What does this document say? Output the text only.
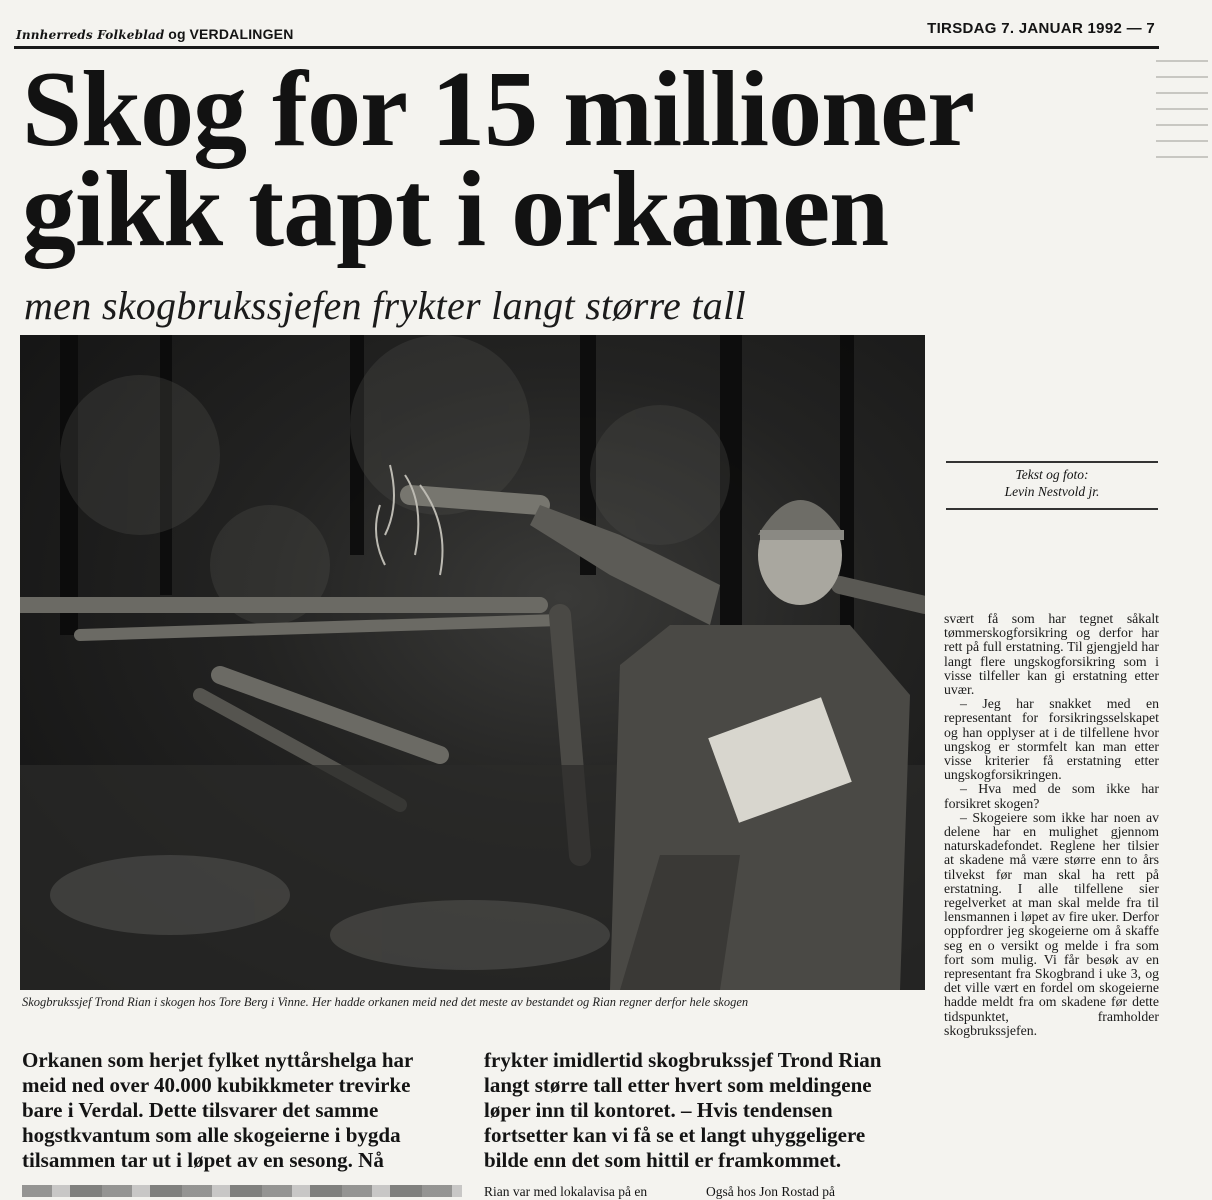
Innherreds Folkeblad og VERDALINGEN	TIRSDAG 7. JANUAR 1992 — 7
Skog for 15 millioner
gikk tapt i orkanen
men skogbrukssjefen frykter langt større tall
Skogbrukssjef Trond Rian i skogen hos Tore Berg i Vinne. Her hadde orkanen meid ned det meste av bestandet og Rian regner derfor hele skogen
Tekst og foto:
Levin Nestvold jr.

svært få som har tegnet såkalt tømmerskogforsikring og derfor har rett på full erstatning. Til gjengjeld har langt flere ungskogforsikring som i visse tilfeller kan gi erstatning etter uvær.

– Jeg har snakket med en representant for forsikringsselskapet og han opplyser at i de tilfellene hvor ungskog er stormfelt kan man etter visse kriterier få erstatning etter ungskogforsikringen.

– Hva med de som ikke har forsikret skogen?

– Skogeiere som ikke har noen av delene har en mulighet gjennom naturskadefondet. Reglene her tilsier at skadene må være større enn to års tilvekst før man skal ha rett på erstatning. I alle tilfellene sier regelverket at man skal melde fra til lensmannen i løpet av fire uker. Derfor oppfordrer jeg skogeierne om å skaffe seg en o versikt og melde i fra som fort som mulig. Vi får besøk av en representant fra Skogbrand i uke 3, og det ville vært en fordel om skogeierne hadde meldt fra om skadene før dette tidspunktet, framholder skogbrukssjefen.

Orkanen som herjet fylket nyttårshelga har
meid ned over 40.000 kubikkmeter trevirke
bare i Verdal. Dette tilsvarer det samme
hogstkvantum som alle skogeierne i bygda
tilsammen tar ut i løpet av en sesong. Nå
frykter imidlertid skogbrukssjef Trond Rian
langt større tall etter hvert som meldingene
løper inn til kontoret. – Hvis tendensen
fortsetter kan vi få se et langt uhyggeligere
bilde enn det som hittil er framkommet.
Rian var med lokalavisa på en	Også hos Jon Rostad på
